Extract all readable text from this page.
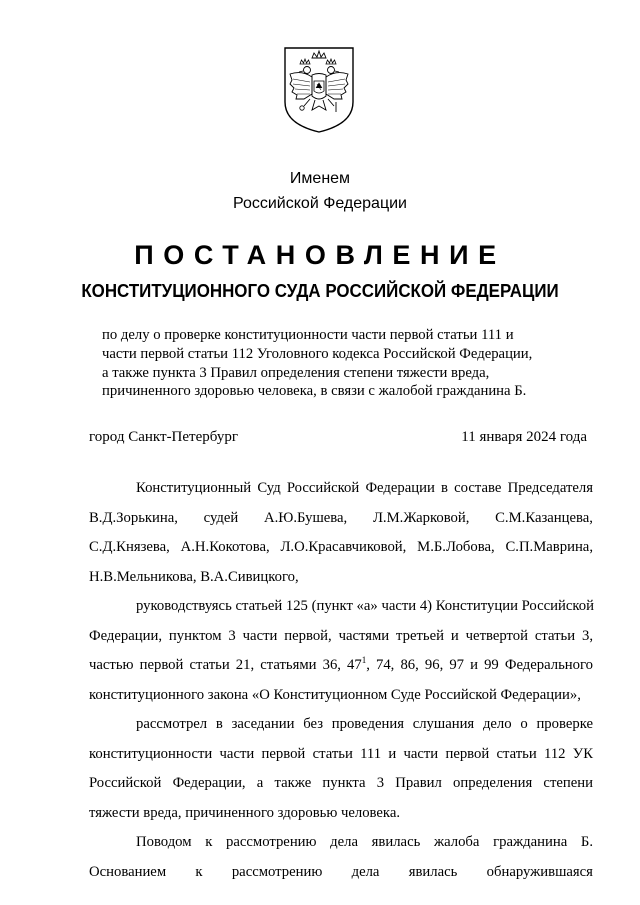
Именем
Российской Федерации
ПОСТАНОВЛЕНИЕ
КОНСТИТУЦИОННОГО СУДА РОССИЙСКОЙ ФЕДЕРАЦИИ
по делу о проверке конституционности части первой статьи 111 и
части первой статьи 112 Уголовного кодекса Российской Федерации,
а также пункта 3 Правил определения степени тяжести вреда,
причиненного здоровью человека, в связи с жалобой гражданина Б.
город Санкт-Петербург	11 января 2024 года
Конституционный Суд Российской Федерации в составе Председателя
В.Д.Зорькина, судей А.Ю.Бушева, Л.М.Жарковой, С.М.Казанцева,
С.Д.Князева, А.Н.Кокотова, Л.О.Красавчиковой, М.Б.Лобова, С.П.Маврина,
Н.В.Мельникова, В.А.Сивицкого,
руководствуясь статьей 125 (пункт «а» части 4) Конституции Российской
Федерации, пунктом 3 части первой, частями третьей и четвертой статьи 3,
частью первой статьи 21, статьями 36, $47^1$, 74, 86, 96, 97 и 99 Федерального
конституционного закона «О Конституционном Суде Российской Федерации»,
рассмотрел в заседании без проведения слушания дело о проверке
конституционности части первой статьи 111 и части первой статьи 112 УК
Российской Федерации, а также пункта 3 Правил определения степени
тяжести вреда, причиненного здоровью человека.
Поводом к рассмотрению дела явилась жалоба гражданина Б.
Основанием к рассмотрению дела явилась обнаружившаяся
